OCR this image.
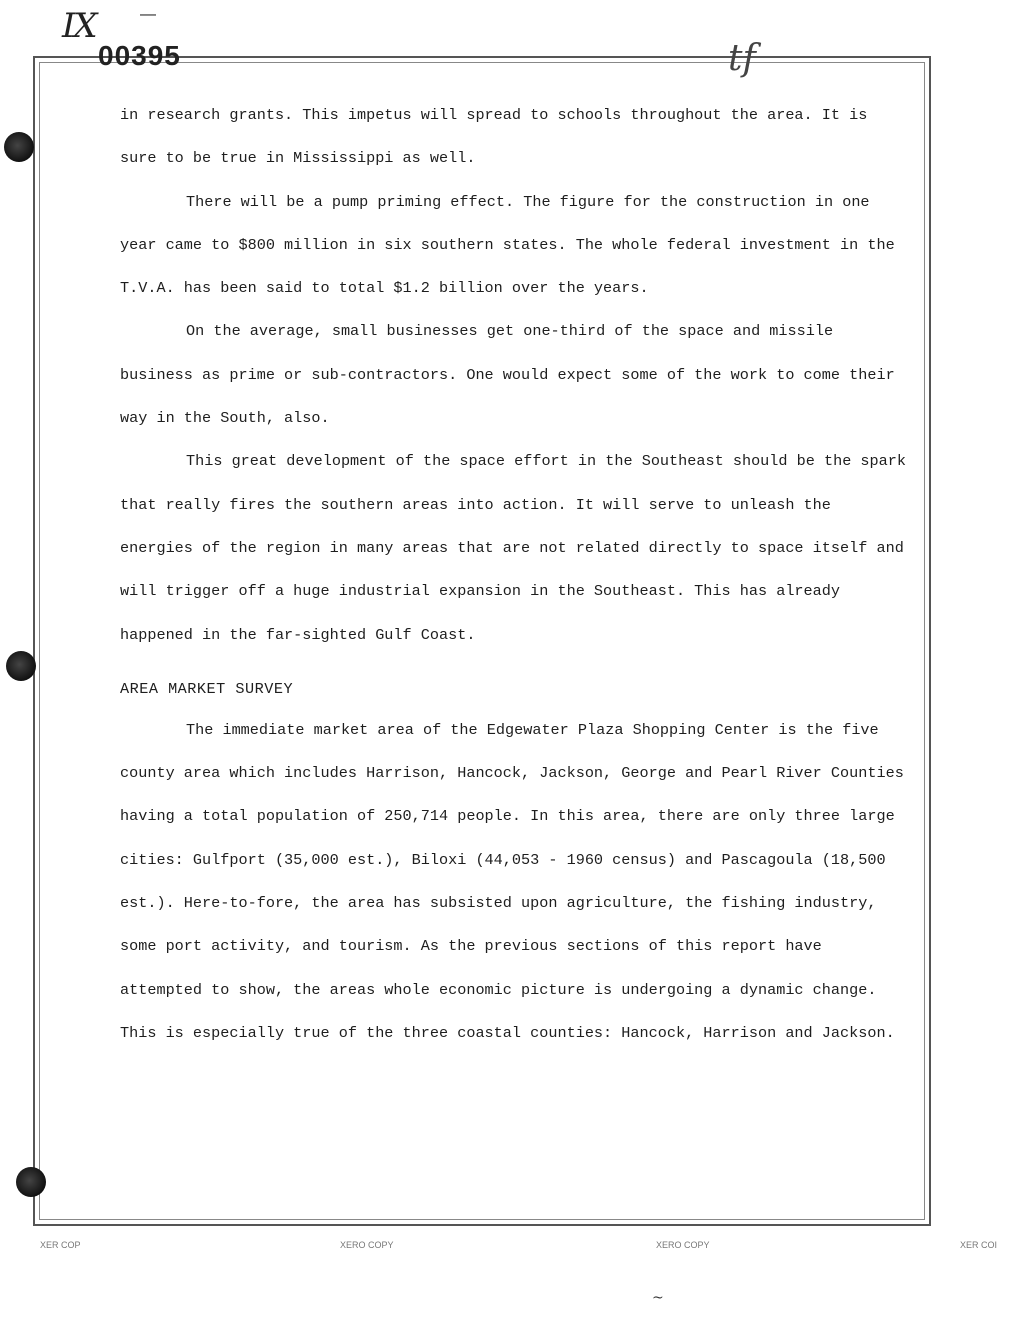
IX	—
00395	tf

in research grants. This impetus will spread to schools throughout the area. It is sure to be true in Mississippi as well.

There will be a pump priming effect. The figure for the construction in one year came to $800 million in six southern states. The whole federal investment in the T.V.A. has been said to total $1.2 billion over the years.

On the average, small businesses get one-third of the space and missile business as prime or sub-contractors. One would expect some of the work to come their way in the South, also.

This great development of the space effort in the Southeast should be the spark that really fires the southern areas into action. It will serve to unleash the energies of the region in many areas that are not related directly to space itself and will trigger off a huge industrial expansion in the Southeast. This has already happened in the far-sighted Gulf Coast.

AREA MARKET SURVEY

The immediate market area of the Edgewater Plaza Shopping Center is the five county area which includes Harrison, Hancock, Jackson, George and Pearl River Counties having a total population of 250,714 people. In this area, there are only three large cities: Gulfport (35,000 est.), Biloxi (44,053 - 1960 census) and Pascagoula (18,500 est.). Here-to-fore, the area has subsisted upon agriculture, the fishing industry, some port activity, and tourism. As the previous sections of this report have attempted to show, the areas whole economic picture is undergoing a dynamic change. This is especially true of the three coastal counties: Hancock, Harrison and Jackson.

XER COP	XERO COPY	XERO COPY	XER COI
~
